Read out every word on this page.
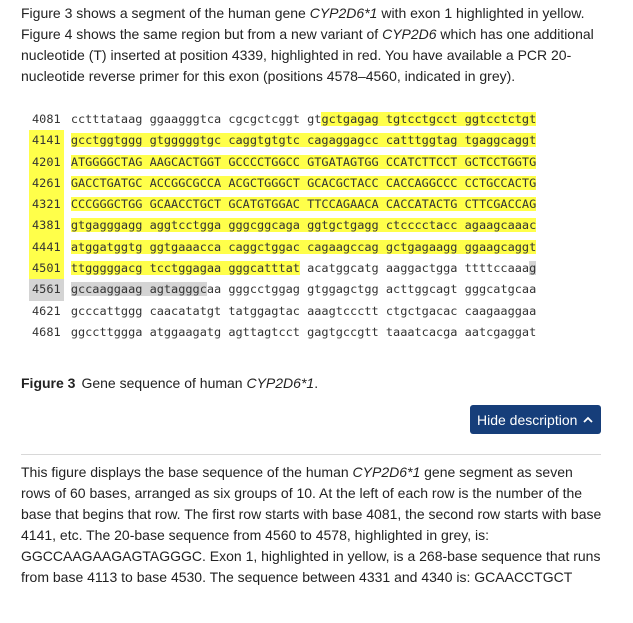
Figure 3 shows a segment of the human gene CYP2D6*1 with exon 1 highlighted in yellow. Figure 4 shows the same region but from a new variant of CYP2D6 which has one additional nucleotide (T) inserted at position 4339, highlighted in red. You have available a PCR 20-nucleotide reverse primer for this exon (positions 4578–4560, indicated in grey).
4081 cctttataag ggaagggtca cgcgctcggt gtgctgagag tgtcctgcct ggtcctctgt
4141 gcctggtggg gtgggggtgc caggtgtgtc cagaggagcc catttggtag tgaggcaggt
4201 ATGGGGCTAG AAGCACTGGT GCCCCTGGCC GTGATAGTGG CCATCTTCCT GCTCCTGGTG
4261 GACCTGATGC ACCGGCGCCA ACGCTGGGCT GCACGCTACC CACCAGGCCC CCTGCCACTG
4321 CCCGGGCTGG GCAACCTGCT GCATGTGGAC TTCCAGAACA CACCATACTG CTTCGACCAG
4381 gtgagggagg aggtcctgga gggcggcaga ggtgctgagg ctcccctacc agaagcaaac
4441 atggatggtg ggtgaaacca caggctggac cagaagccag gctgagaagg ggaagcaggt
4501 ttgggggacg tcctggagaa gggcatttat acatggcatg aaggactgga ttttccaaag
4561 gccaaggaag agtagggcaa gggcctggag gtggagctgg acttggcagt gggcatgcaa
4621 gcccattggg caacatatgt tatggagtac aaagtccctt ctgctgacac caagaaggaa
4681 ggccttggga atggaagatg agttagtcct gagtgccgtt taaatcacga aatcgaggat
Figure 3 Gene sequence of human CYP2D6*1.
Hide description
This figure displays the base sequence of the human CYP2D6*1 gene segment as seven rows of 60 bases, arranged as six groups of 10. At the left of each row is the number of the base that begins that row. The first row starts with base 4081, the second row starts with base 4141, etc. The 20-base sequence from 4560 to 4578, highlighted in grey, is: GGCCAAGAAGAGTAGGGC. Exon 1, highlighted in yellow, is a 268-base sequence that runs from base 4113 to base 4530. The sequence between 4331 and 4340 is: GCAACCTGCT
